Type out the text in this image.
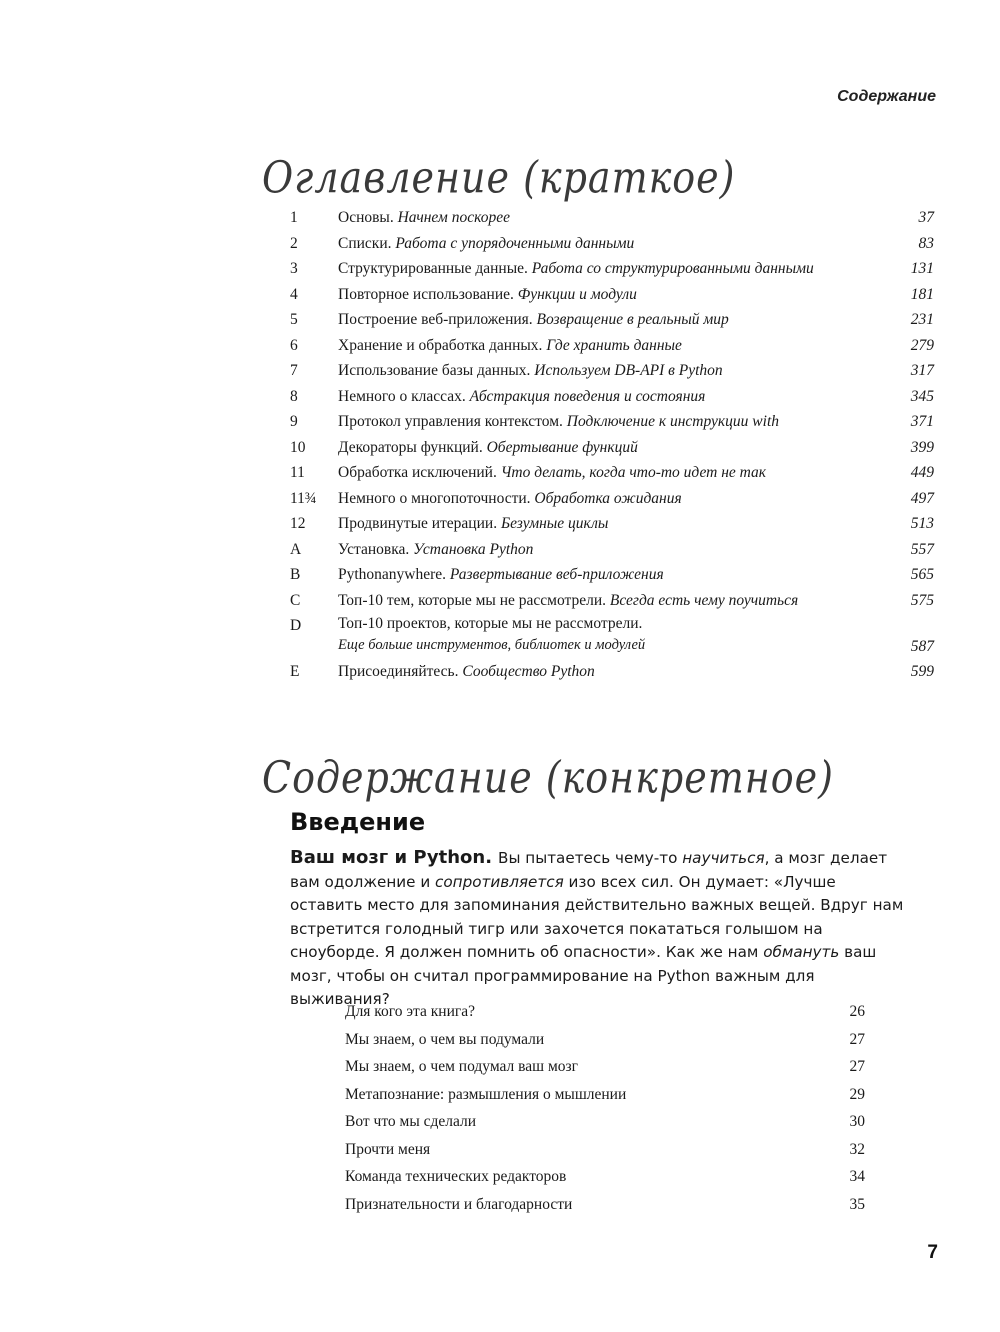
Содержание
Оглавление (краткое)
1	Основы. Начнем поскорее	37
2	Списки. Работа с упорядоченными данными	83
3	Структурированные данные. Работа со структурированными данными	131
4	Повторное использование. Функции и модули	181
5	Построение веб-приложения. Возвращение в реальный мир	231
6	Хранение и обработка данных. Где хранить данные	279
7	Использование базы данных. Используем DB-API в Python	317
8	Немного о классах. Абстракция поведения и состояния	345
9	Протокол управления контекстом. Подключение к инструкции with	371
10	Декораторы функций. Обертывание функций	399
11	Обработка исключений. Что делать, когда что-то идет не так	449
11¾	Немного о многопоточности. Обработка ожидания	497
12	Продвинутые итерации. Безумные циклы	513
A	Установка. Установка Python	557
B	Pythonanywhere. Развертывание веб-приложения	565
C	Топ-10 тем, которые мы не рассмотрели. Всегда есть чему поучиться	575
D	Топ-10 проектов, которые мы не рассмотрели.
Еще больше инструментов, библиотек и модулей	587
E	Присоединяйтесь. Сообщество Python	599
Содержание (конкретное)
Введение
Ваш мозг и Python. Вы пытаетесь чему-то научиться, а мозг делает вам одолжение и сопротивляется изо всех сил. Он думает: «Лучше оставить место для запоминания действительно важных вещей. Вдруг нам встретится голодный тигр или захочется покататься голышом на сноуборде. Я должен помнить об опасности». Как же нам обмануть ваш мозг, чтобы он считал программирование на Python важным для выживания?
Для кого эта книга?	26
Мы знаем, о чем вы подумали	27
Мы знаем, о чем подумал ваш мозг	27
Метапознание: размышления о мышлении	29
Вот что мы сделали	30
Прочти меня	32
Команда технических редакторов	34
Признательности и благодарности	35
7
